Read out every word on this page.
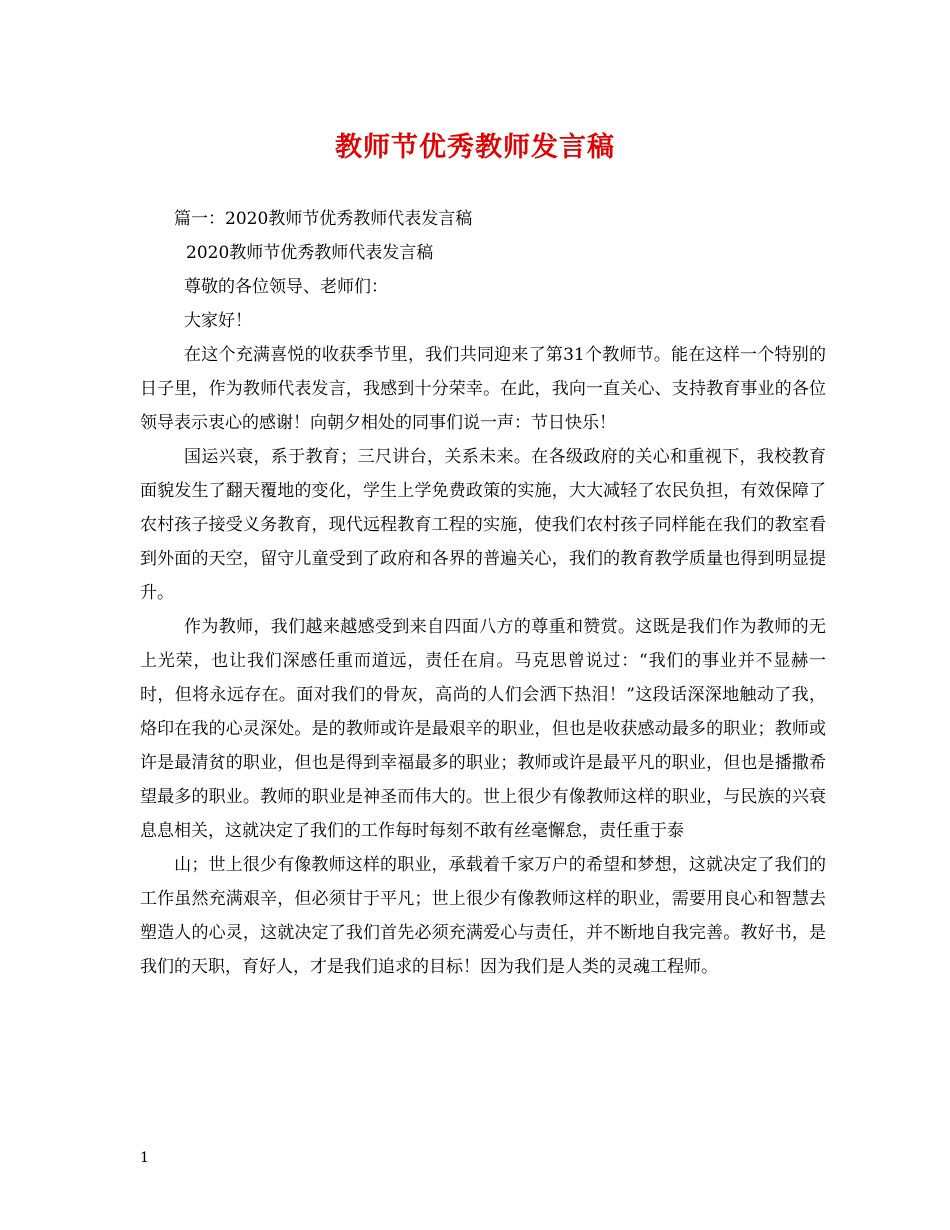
教师节优秀教师发言稿
篇一：2020教师节优秀教师代表发言稿
2020教师节优秀教师代表发言稿
尊敬的各位领导、老师们：
大家好！

在这个充满喜悦的收获季节里，我们共同迎来了第31个教师节。能在这样一个特别的日子里，作为教师代表发言，我感到十分荣幸。在此，我向一直关心、支持教育事业的各位领导表示衷心的感谢！向朝夕相处的同事们说一声：节日快乐！

国运兴衰，系于教育；三尺讲台，关系未来。在各级政府的关心和重视下，我校教育面貌发生了翻天覆地的变化，学生上学免费政策的实施，大大减轻了农民负担，有效保障了农村孩子接受义务教育，现代远程教育工程的实施，使我们农村孩子同样能在我们的教室看到外面的天空，留守儿童受到了政府和各界的普遍关心，我们的教育教学质量也得到明显提升。

作为教师，我们越来越感受到来自四面八方的尊重和赞赏。这既是我们作为教师的无上光荣，也让我们深感任重而道远，责任在肩。马克思曾说过：“我们的事业并不显赫一时，但将永远存在。面对我们的骨灰，高尚的人们会洒下热泪！”这段话深深地触动了我，烙印在我的心灵深处。是的教师或许是最艰辛的职业，但也是收获感动最多的职业；教师或许是最清贫的职业，但也是得到幸福最多的职业；教师或许是最平凡的职业，但也是播撒希望最多的职业。教师的职业是神圣而伟大的。世上很少有像教师这样的职业，与民族的兴衰息息相关，这就决定了我们的工作每时每刻不敢有丝毫懈怠，责任重于泰

山；世上很少有像教师这样的职业，承载着千家万户的希望和梦想，这就决定了我们的工作虽然充满艰辛，但必须甘于平凡；世上很少有像教师这样的职业，需要用良心和智慧去塑造人的心灵，这就决定了我们首先必须充满爱心与责任，并不断地自我完善。教好书，是我们的天职，育好人，才是我们追求的目标！因为我们是人类的灵魂工程师。

1
